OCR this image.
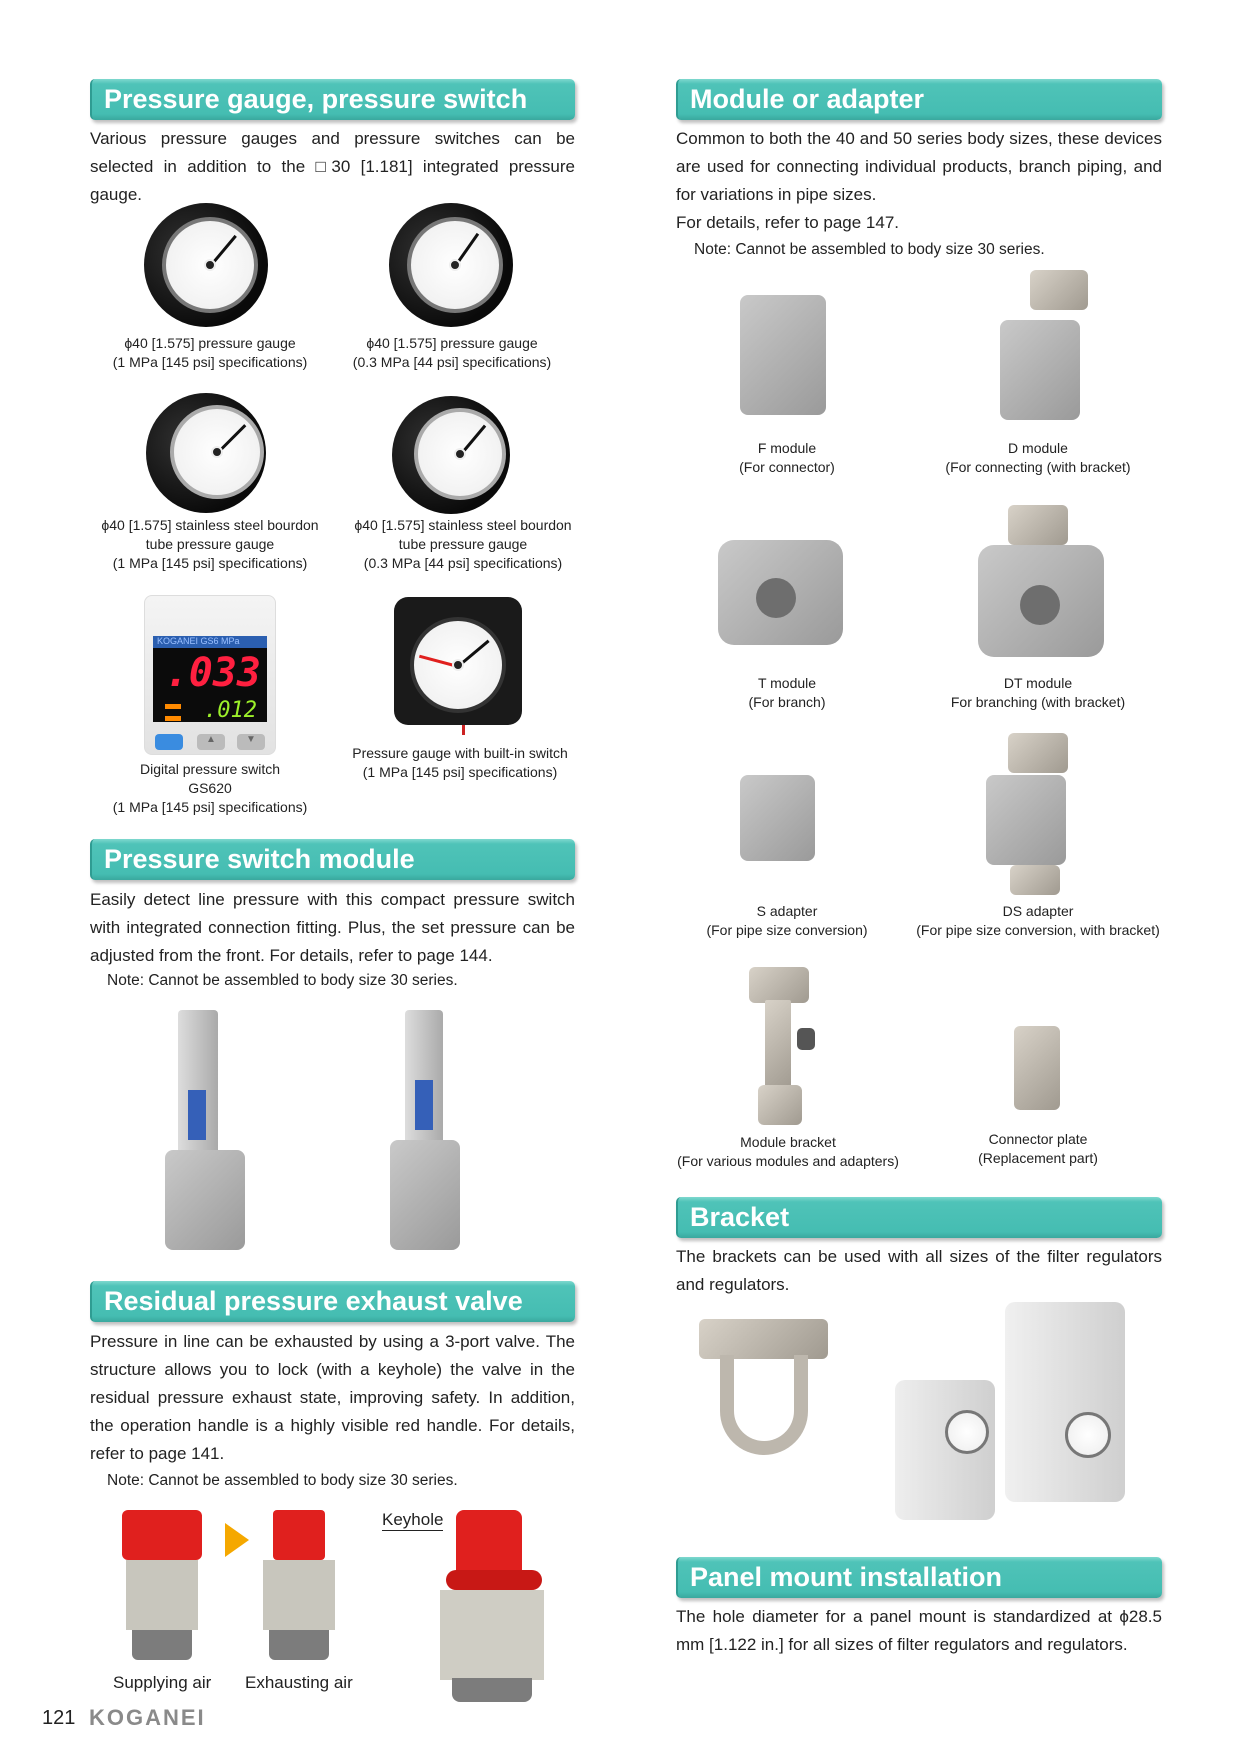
Pressure gauge, pressure switch
Various pressure gauges and pressure switches can be selected in addition to the □30 [1.181] integrated pressure gauge.
ϕ40 [1.575] pressure gauge
(1 MPa [145 psi] specifications)
ϕ40 [1.575] pressure gauge
(0.3 MPa [44 psi] specifications)
ϕ40 [1.575] stainless steel bourdon
tube pressure gauge
(1 MPa [145 psi] specifications)
ϕ40 [1.575] stainless steel bourdon
tube pressure gauge
(0.3 MPa [44 psi] specifications)
KOGANEI GS6 MPa
.033
.012
▲	▼
Digital pressure switch
GS620
(1 MPa [145 psi] specifications)
Pressure gauge with built-in switch
(1 MPa [145 psi] specifications)
Pressure switch module
Easily detect line pressure with this compact pressure switch with integrated connection fitting. Plus, the set pressure can be adjusted from the front. For details, refer to page 144.
Note: Cannot be assembled to body size 30 series.
Residual pressure exhaust valve
Pressure in line can be exhausted by using a 3-port valve. The structure allows you to lock (with a keyhole) the valve in the residual pressure exhaust state, improving safety. In addition, the operation handle is a highly visible red handle. For details, refer to page 141.
Note: Cannot be assembled to body size 30 series.
Keyhole
Supplying air Exhausting air
121 KOGANEI
Module or adapter
Common to both the 40 and 50 series body sizes, these devices are used for connecting individual products, branch piping, and for variations in pipe sizes.
For details, refer to page 147.
Note: Cannot be assembled to body size 30 series.
F module
(For connector)
D module
(For connecting (with bracket)
T module
(For branch)
DT module
For branching (with bracket)
S adapter
(For pipe size conversion)
DS adapter
(For pipe size conversion, with bracket)
Module bracket
(For various modules and adapters)
Connector plate
(Replacement part)
Bracket
The brackets can be used with all sizes of the filter regulators and regulators.
Panel mount installation
The hole diameter for a panel mount is standardized at ϕ28.5 mm [1.122 in.] for all sizes of filter regulators and regulators.
